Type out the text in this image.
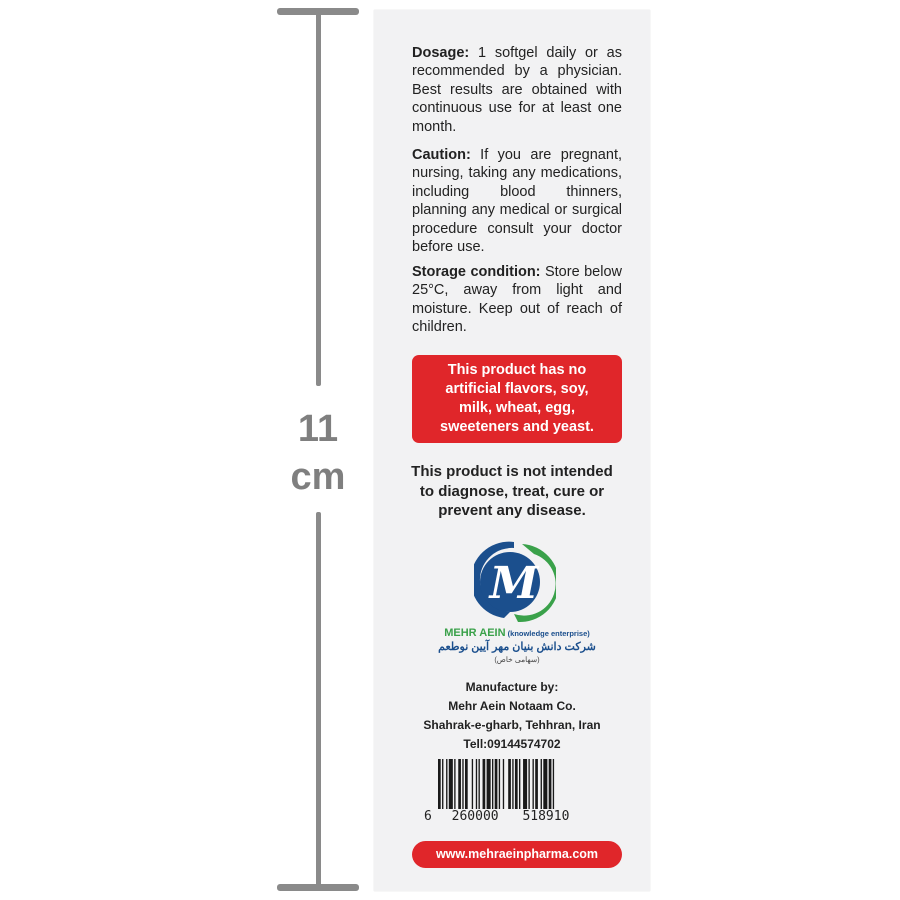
11
cm
Dosage: 1 softgel daily or as recommended by a physician. Best results are obtained with continuous use for at least one month.
Caution: If you are pregnant, nursing, taking any medications, including blood thinners, planning any medical or surgical procedure consult your doctor before use.
Storage condition: Store below 25°C, away from light and moisture. Keep out of reach of children.
This product has no
artificial flavors, soy,
milk, wheat, egg,
sweeteners and yeast.
This product is not intended
to diagnose, treat, cure or
prevent any disease.
M
MEHR AEIN (knowledge enterprise)
شرکت دانش بنیان مهر آیین نوطعم
(سهامی خاص)
Manufacture by:
Mehr Aein Notaam Co.
Shahrak-e-gharb, Tehhran, Iran
Tell:09144574702
6 260000 518910
www.mehraeinpharma.com
